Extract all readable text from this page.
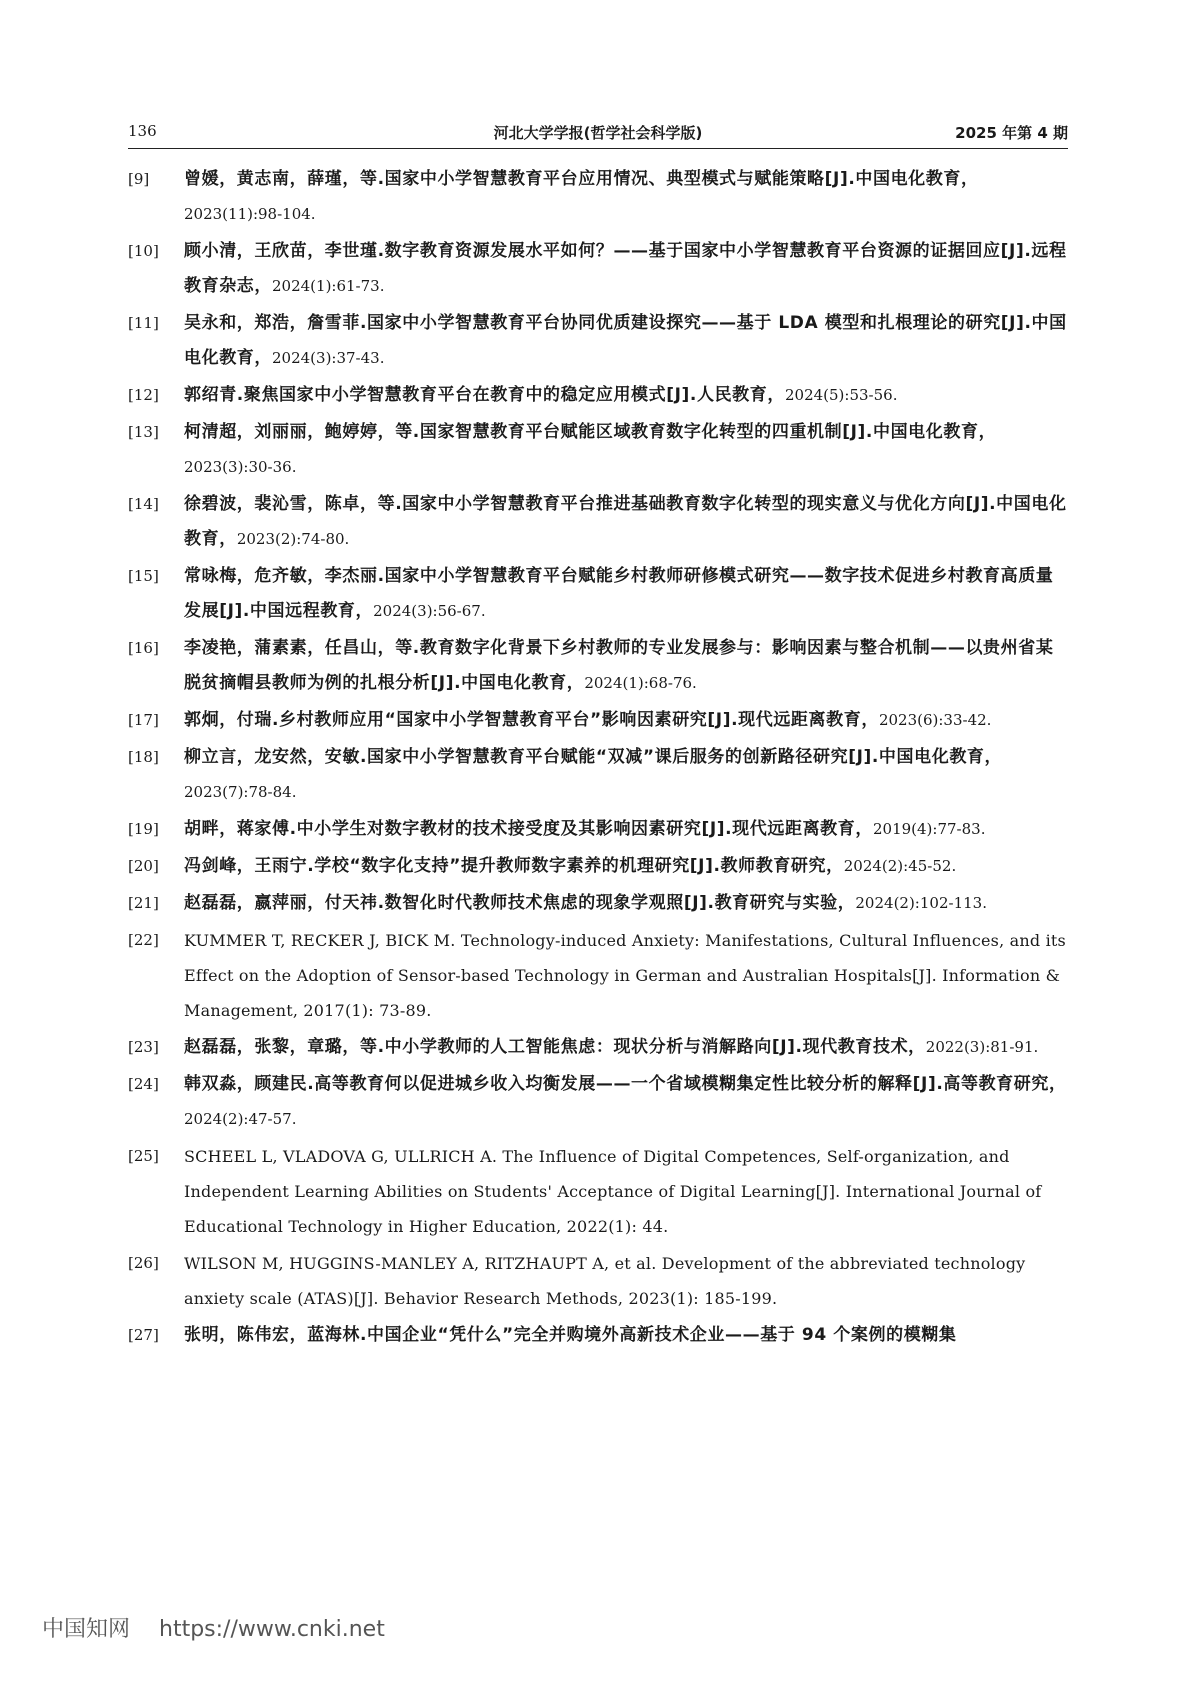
136	河北大学学报(哲学社会科学版)	2025 年第 4 期
[9]	曾媛，黄志南，薛瑾，等.国家中小学智慧教育平台应用情况、典型模式与赋能策略[J].中国电化教育，2023(11):98-104.
[10]	顾小清，王欣苗，李世瑾.数字教育资源发展水平如何？——基于国家中小学智慧教育平台资源的证据回应[J].远程教育杂志，2024(1):61-73.
[11]	吴永和，郑浩，詹雪菲.国家中小学智慧教育平台协同优质建设探究——基于 LDA 模型和扎根理论的研究[J].中国电化教育，2024(3):37-43.
[12]	郭绍青.聚焦国家中小学智慧教育平台在教育中的稳定应用模式[J].人民教育，2024(5):53-56.
[13]	柯清超，刘丽丽，鲍婷婷，等.国家智慧教育平台赋能区域教育数字化转型的四重机制[J].中国电化教育，2023(3):30-36.
[14]	徐碧波，裴沁雪，陈卓，等.国家中小学智慧教育平台推进基础教育数字化转型的现实意义与优化方向[J].中国电化教育，2023(2):74-80.
[15]	常咏梅，危齐敏，李杰丽.国家中小学智慧教育平台赋能乡村教师研修模式研究——数字技术促进乡村教育高质量发展[J].中国远程教育，2024(3):56-67.
[16]	李凌艳，蒲素素，任昌山，等.教育数字化背景下乡村教师的专业发展参与：影响因素与整合机制——以贵州省某脱贫摘帽县教师为例的扎根分析[J].中国电化教育，2024(1):68-76.
[17]	郭炯，付瑞.乡村教师应用“国家中小学智慧教育平台”影响因素研究[J].现代远距离教育，2023(6):33-42.
[18]	柳立言，龙安然，安敏.国家中小学智慧教育平台赋能“双减”课后服务的创新路径研究[J].中国电化教育，2023(7):78-84.
[19]	胡畔，蒋家傅.中小学生对数字教材的技术接受度及其影响因素研究[J].现代远距离教育，2019(4):77-83.
[20]	冯剑峰，王雨宁.学校“数字化支持”提升教师数字素养的机理研究[J].教师教育研究，2024(2):45-52.
[21]	赵磊磊，嬴萍丽，付天祎.数智化时代教师技术焦虑的现象学观照[J].教育研究与实验，2024(2):102-113.
[22]	KUMMER T, RECKER J, BICK M. Technology-induced Anxiety: Manifestations, Cultural Influences, and its Effect on the Adoption of Sensor-based Technology in German and Australian Hospitals[J]. Information & Management, 2017(1): 73-89.
[23]	赵磊磊，张黎，章璐，等.中小学教师的人工智能焦虑：现状分析与消解路向[J].现代教育技术，2022(3):81-91.
[24]	韩双淼，顾建民.高等教育何以促进城乡收入均衡发展——一个省域模糊集定性比较分析的解释[J].高等教育研究，2024(2):47-57.
[25]	SCHEEL L, VLADOVA G, ULLRICH A. The Influence of Digital Competences, Self-organization, and Independent Learning Abilities on Students' Acceptance of Digital Learning[J]. International Journal of Educational Technology in Higher Education, 2022(1): 44.
[26]	WILSON M, HUGGINS-MANLEY A, RITZHAUPT A, et al. Development of the abbreviated technology anxiety scale (ATAS)[J]. Behavior Research Methods, 2023(1): 185-199.
[27]	张明，陈伟宏，蓝海林.中国企业“凭什么”完全并购境外高新技术企业——基于 94 个案例的模糊集
中国知网 https://www.cnki.net
